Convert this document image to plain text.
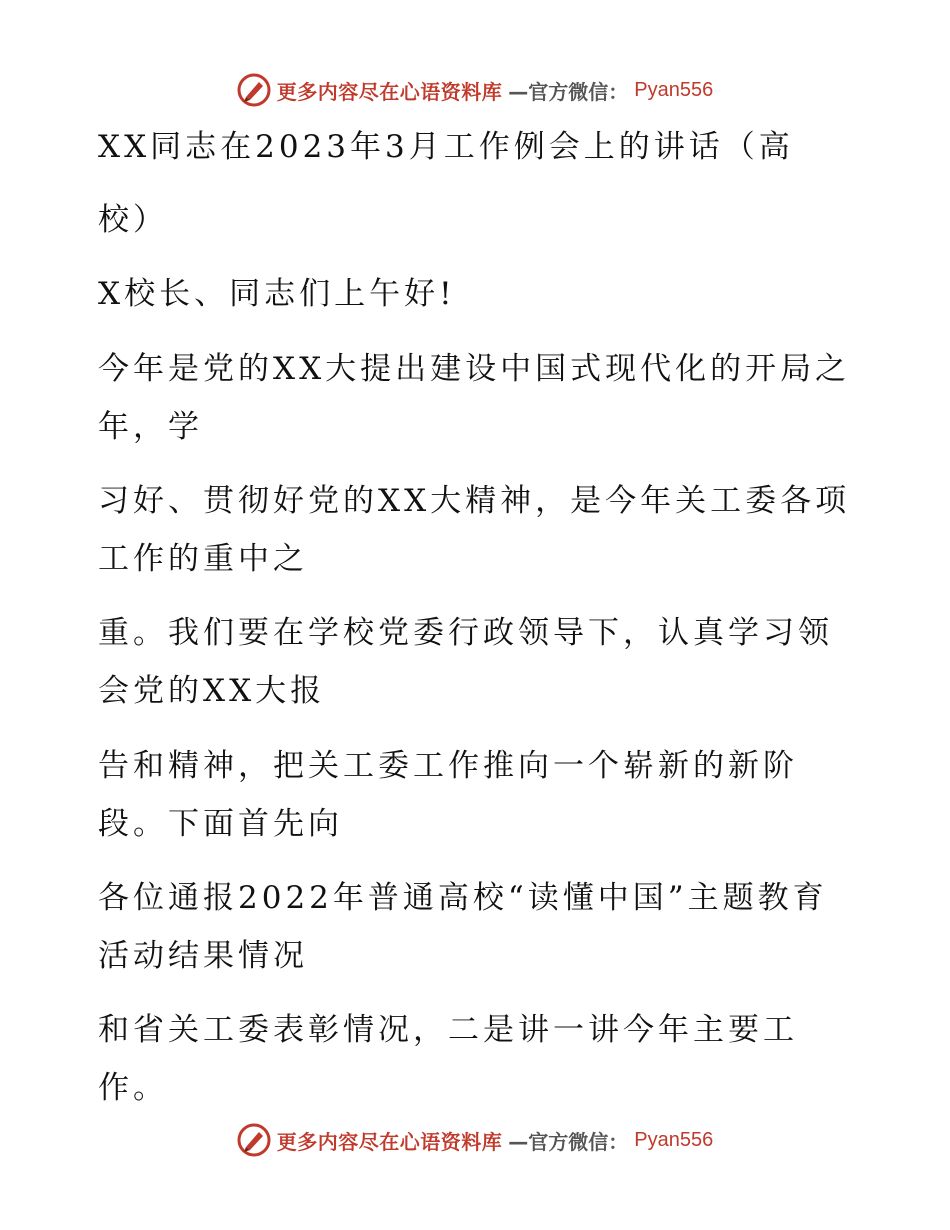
更多内容尽在心语资料库 —官方微信： Pyan556
XX同志在2023年3月工作例会上的讲话（高
校）
X校长、同志们上午好!
今年是党的XX大提出建设中国式现代化的开局之
年，学
习好、贯彻好党的XX大精神，是今年关工委各项
工作的重中之
重。我们要在学校党委行政领导下，认真学习领
会党的XX大报
告和精神，把关工委工作推向一个崭新的新阶
段。下面首先向
各位通报2022年普通高校“读懂中国”主题教育
活动结果情况
和省关工委表彰情况，二是讲一讲今年主要工
作。
更多内容尽在心语资料库 —官方微信： Pyan556
